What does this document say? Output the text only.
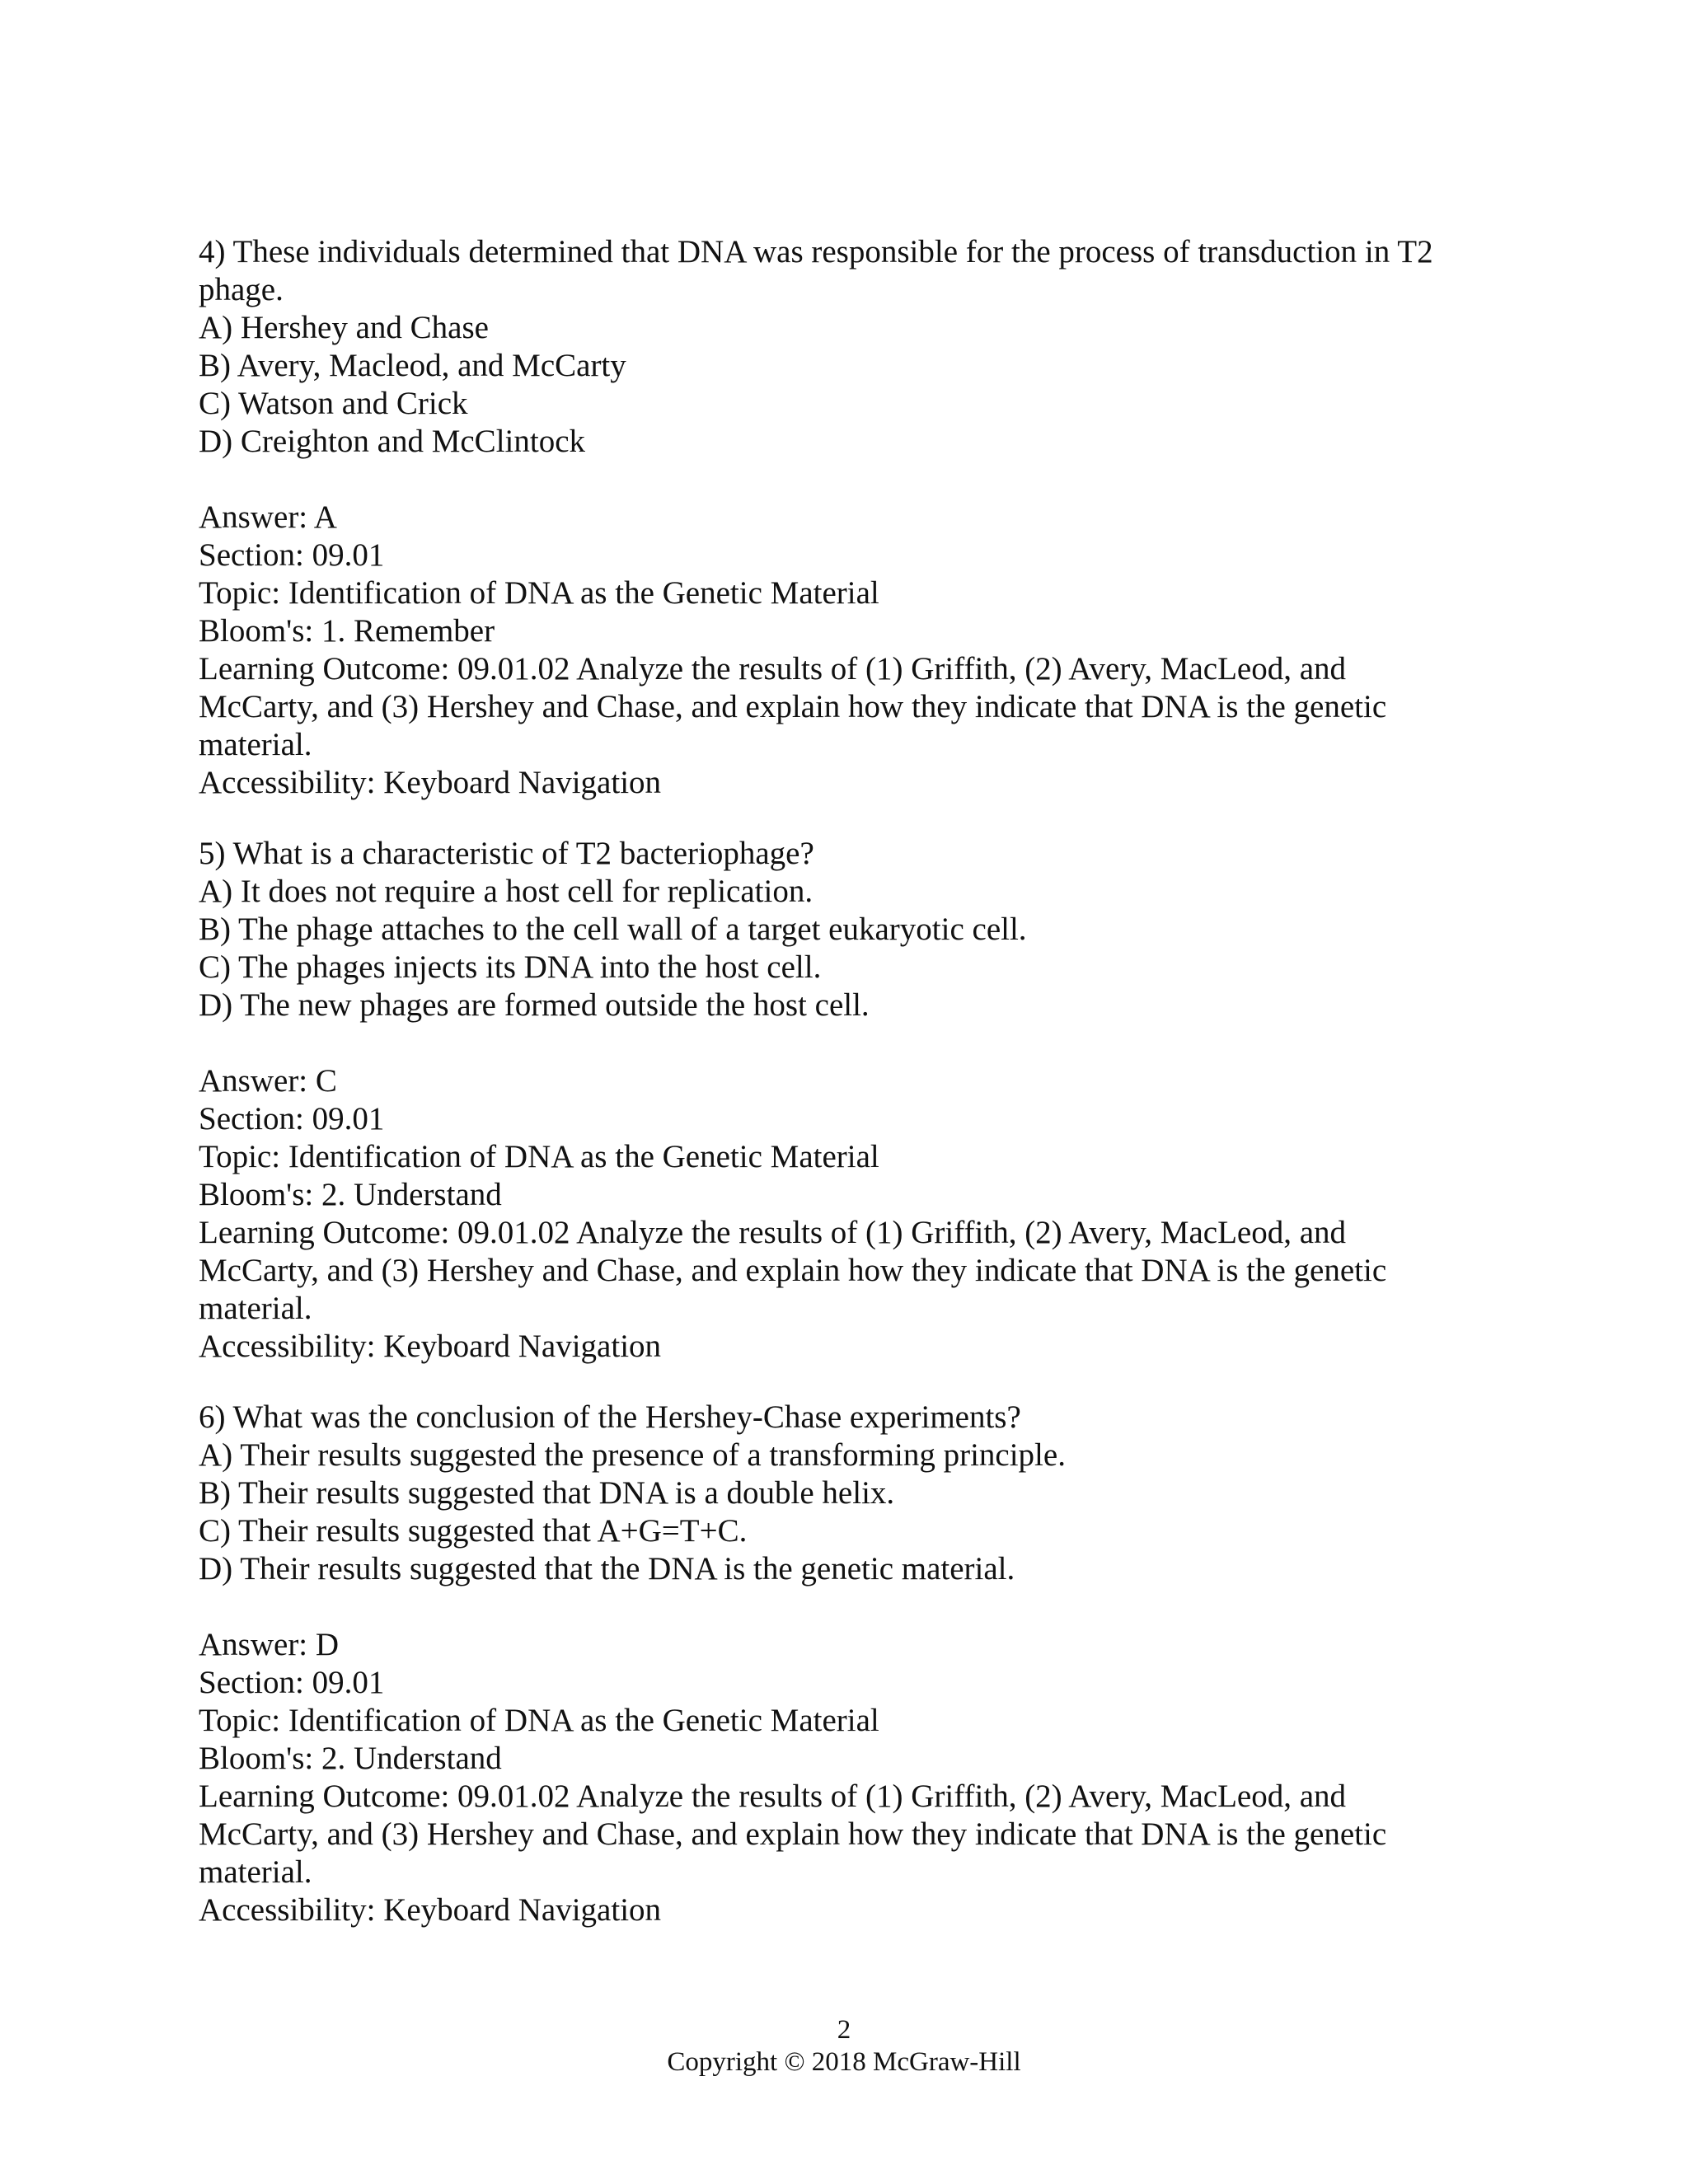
4) These individuals determined that DNA was responsible for the process of transduction in T2 phage.
A) Hershey and Chase
B) Avery, Macleod, and McCarty
C) Watson and Crick
D) Creighton and McClintock
Answer: A
Section: 09.01
Topic: Identification of DNA as the Genetic Material
Bloom's: 1. Remember
Learning Outcome: 09.01.02 Analyze the results of (1) Griffith, (2) Avery, MacLeod, and McCarty, and (3) Hershey and Chase, and explain how they indicate that DNA is the genetic material.
Accessibility: Keyboard Navigation
5) What is a characteristic of T2 bacteriophage?
A) It does not require a host cell for replication.
B) The phage attaches to the cell wall of a target eukaryotic cell.
C) The phages injects its DNA into the host cell.
D) The new phages are formed outside the host cell.
Answer: C
Section: 09.01
Topic: Identification of DNA as the Genetic Material
Bloom's: 2. Understand
Learning Outcome: 09.01.02 Analyze the results of (1) Griffith, (2) Avery, MacLeod, and McCarty, and (3) Hershey and Chase, and explain how they indicate that DNA is the genetic material.
Accessibility: Keyboard Navigation
6) What was the conclusion of the Hershey-Chase experiments?
A) Their results suggested the presence of a transforming principle.
B) Their results suggested that DNA is a double helix.
C) Their results suggested that A+G=T+C.
D) Their results suggested that the DNA is the genetic material.
Answer: D
Section: 09.01
Topic: Identification of DNA as the Genetic Material
Bloom's: 2. Understand
Learning Outcome: 09.01.02 Analyze the results of (1) Griffith, (2) Avery, MacLeod, and McCarty, and (3) Hershey and Chase, and explain how they indicate that DNA is the genetic material.
Accessibility: Keyboard Navigation
2
Copyright © 2018 McGraw-Hill
